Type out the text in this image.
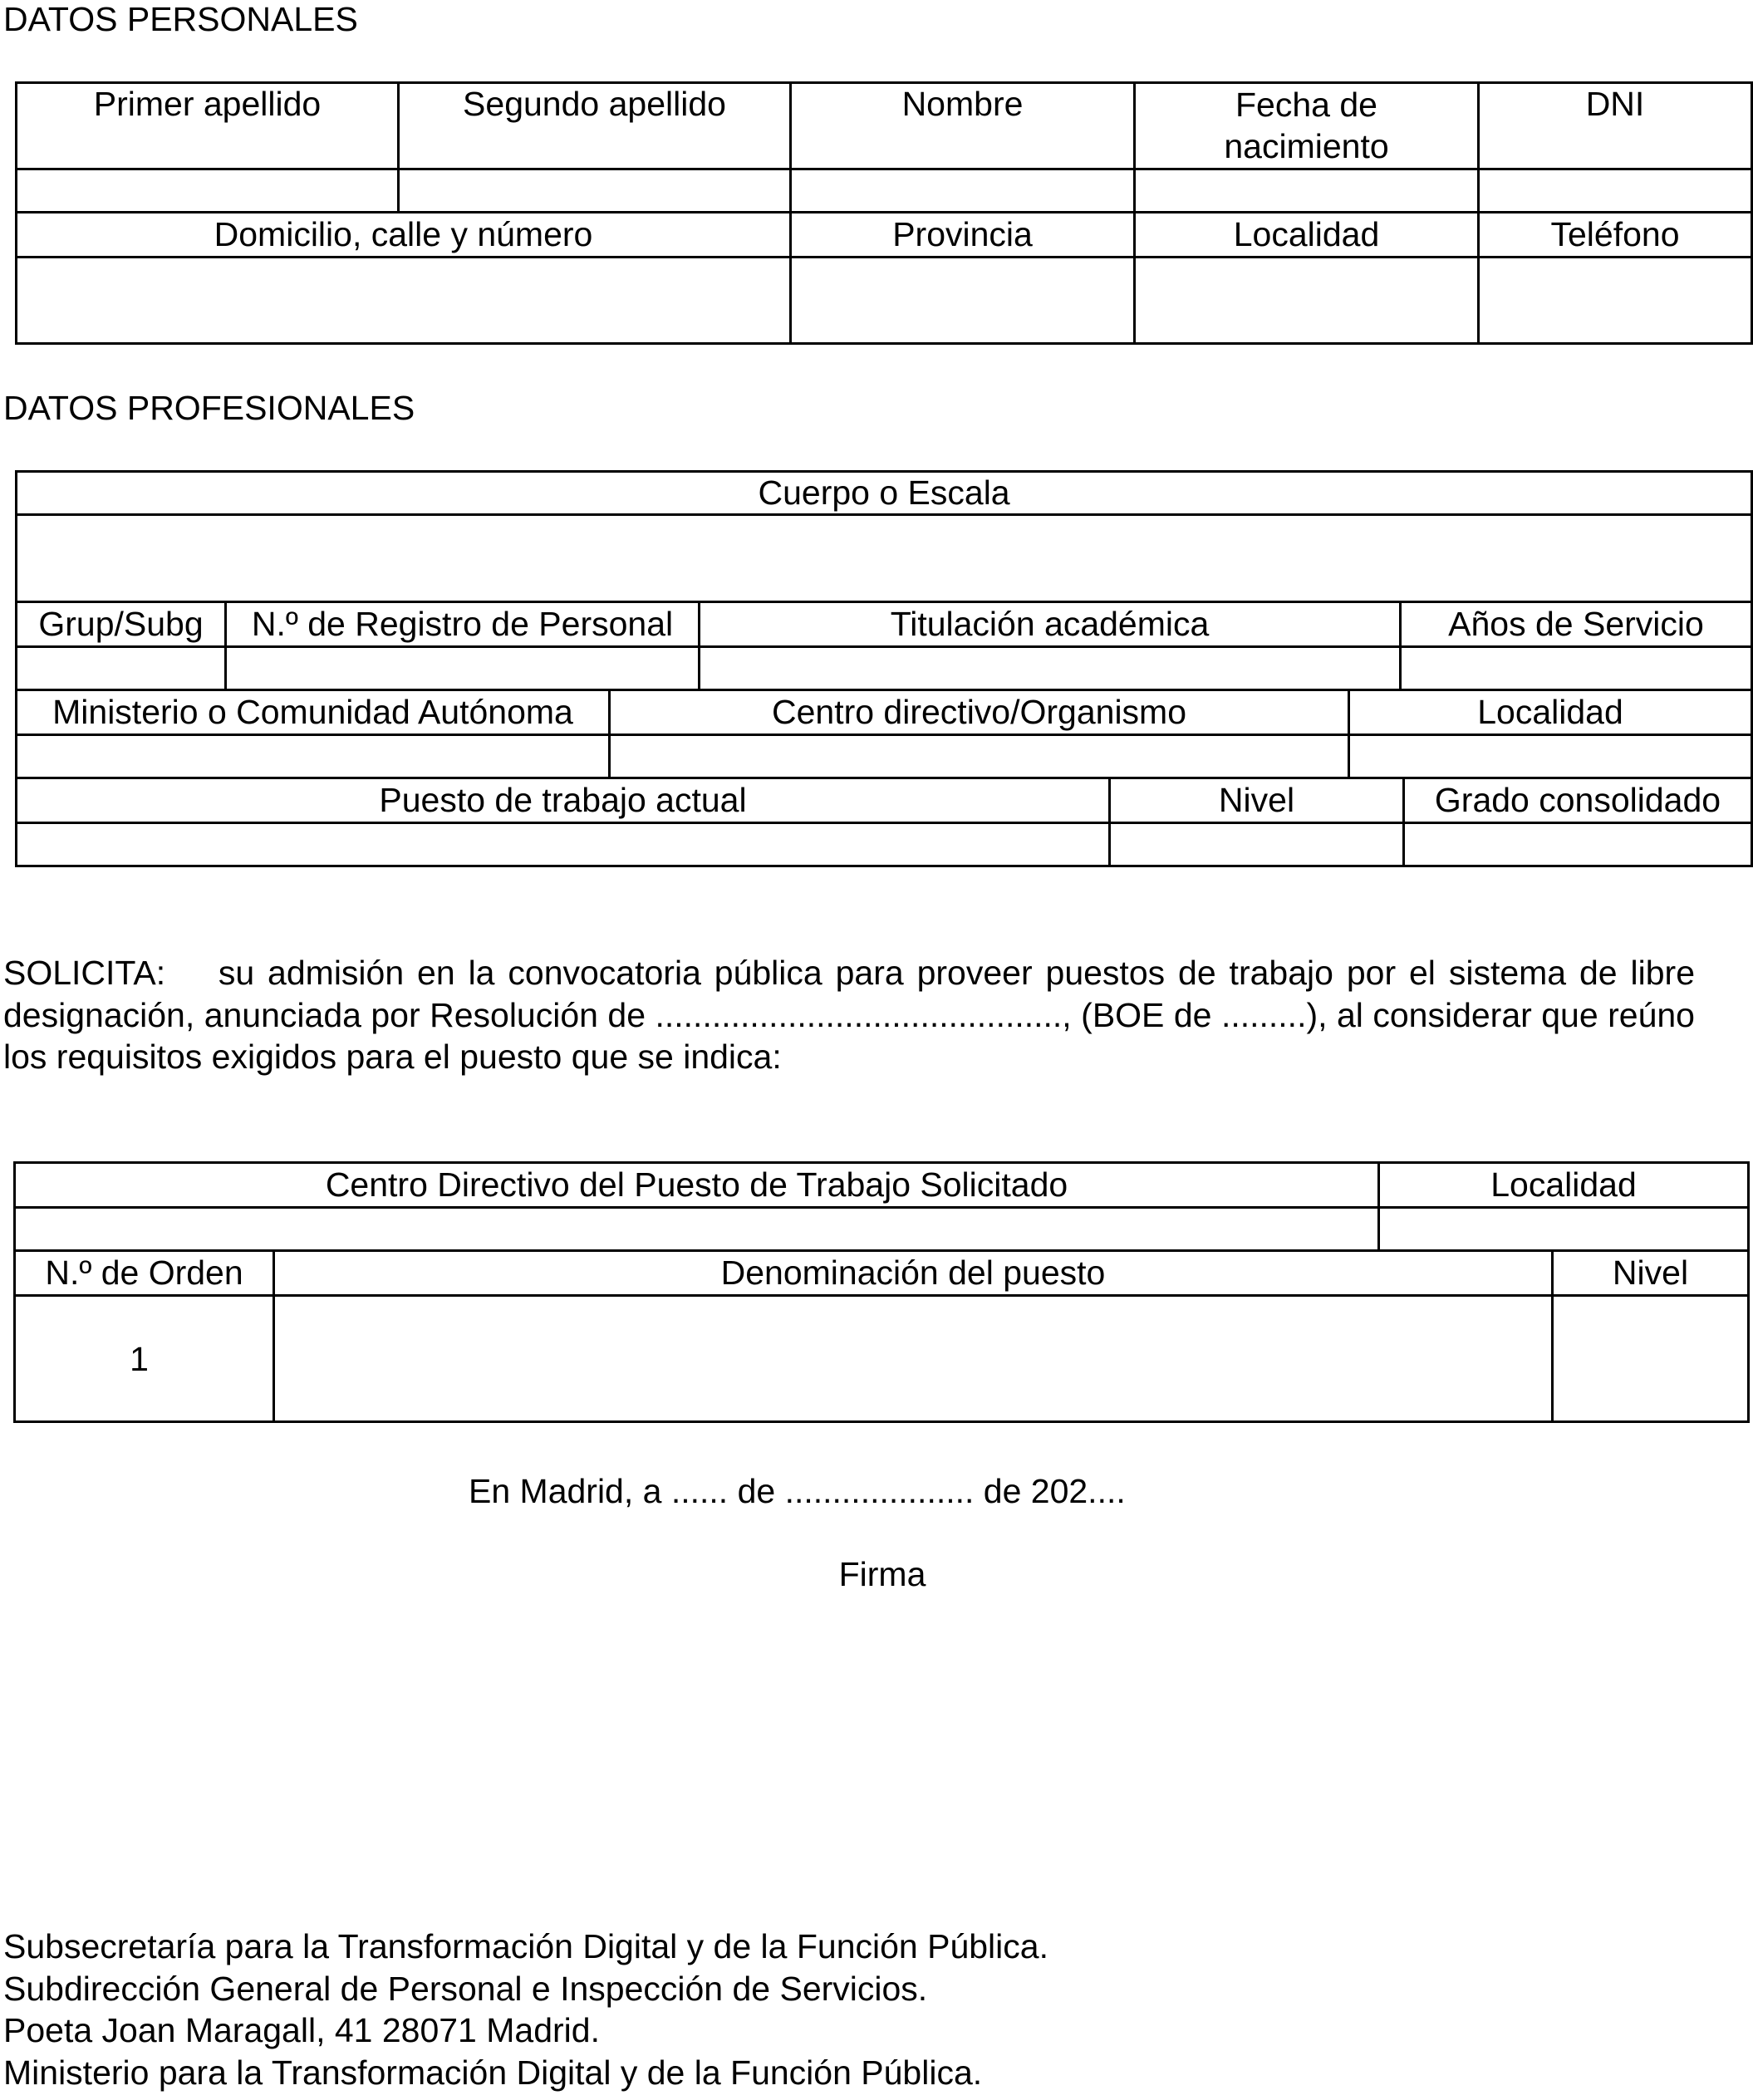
DATOS PERSONALES
Primer apellido	Segundo apellido	Nombre	Fecha de nacimiento	DNI

Domicilio, calle y número		Provincia	Localidad	Teléfono

DATOS PROFESIONALES
Cuerpo o Escala

Grup/Subg	N.º de Registro de Personal	Titulación académica	Años de Servicio

Ministerio o Comunidad Autónoma	Centro directivo/Organismo	Localidad

Puesto de trabajo actual	Nivel	Grado consolidado

SOLICITA: su admisión en la convocatoria pública para proveer puestos de trabajo por el sistema de libre designación, anunciada por Resolución de ..........................................., (BOE de .........), al considerar que reúno los requisitos exigidos para el puesto que se indica:
Centro Directivo del Puesto de Trabajo Solicitado	Localidad

N.º de Orden	Denominación del puesto	Nivel
1		
En Madrid, a ...... de .................... de 202....
Firma
Subsecretaría para la Transformación Digital y de la Función Pública.
Subdirección General de Personal e Inspección de Servicios.
Poeta Joan Maragall, 41 28071 Madrid.
Ministerio para la Transformación Digital y de la Función Pública.
